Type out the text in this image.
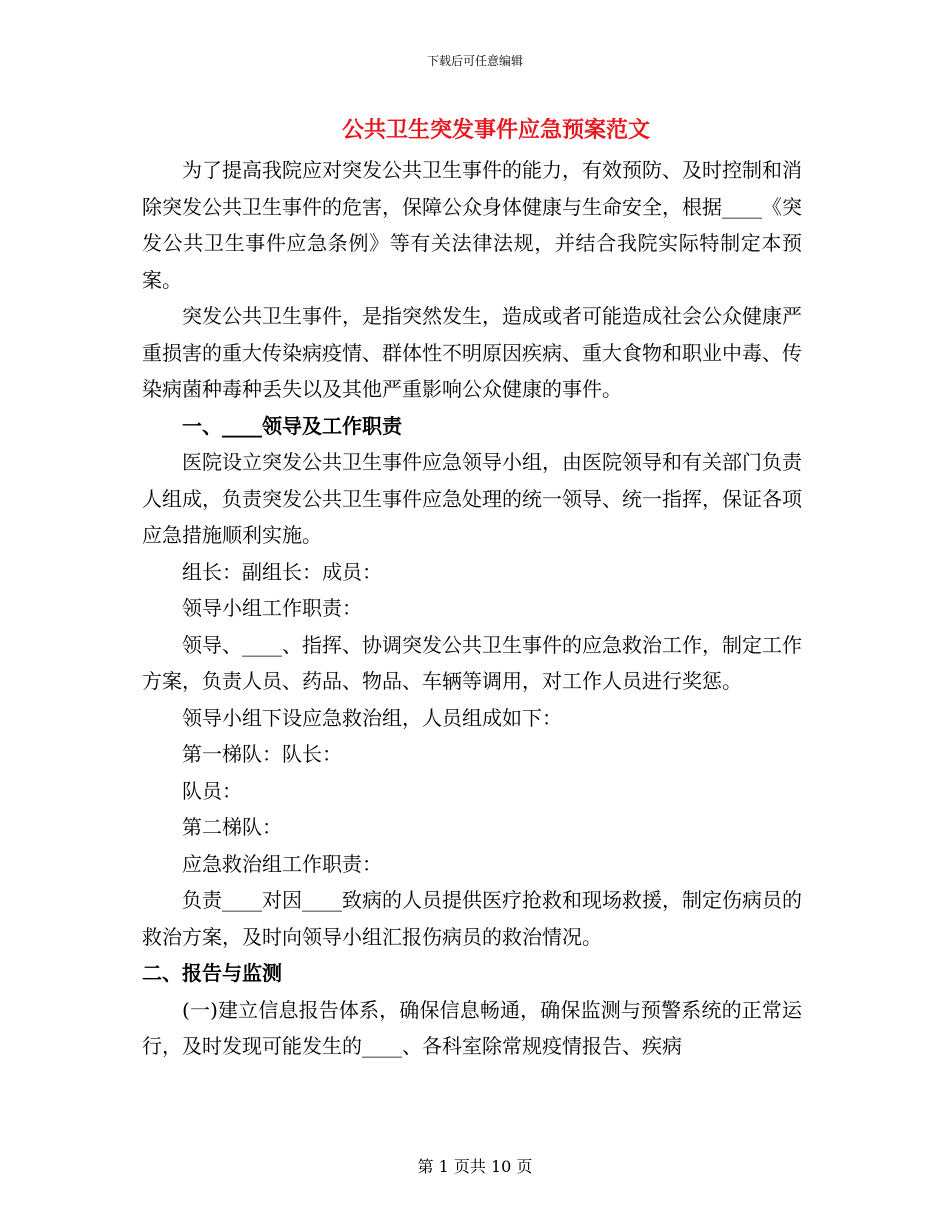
下载后可任意编辑
公共卫生突发事件应急预案范文

为了提高我院应对突发公共卫生事件的能力，有效预防、及时控制和消除突发公共卫生事件的危害，保障公众身体健康与生命安全，根据____《突发公共卫生事件应急条例》等有关法律法规，并结合我院实际特制定本预案。

突发公共卫生事件，是指突然发生，造成或者可能造成社会公众健康严重损害的重大传染病疫情、群体性不明原因疾病、重大食物和职业中毒、传染病菌种毒种丢失以及其他严重影响公众健康的事件。

一、____领导及工作职责

医院设立突发公共卫生事件应急领导小组，由医院领导和有关部门负责人组成，负责突发公共卫生事件应急处理的统一领导、统一指挥，保证各项应急措施顺利实施。

组长：副组长：成员：

领导小组工作职责：

领导、____、指挥、协调突发公共卫生事件的应急救治工作，制定工作方案，负责人员、药品、物品、车辆等调用，对工作人员进行奖惩。

领导小组下设应急救治组，人员组成如下：

第一梯队：队长：

队员：

第二梯队：

应急救治组工作职责：

负责____对因____致病的人员提供医疗抢救和现场救援，制定伤病员的救治方案，及时向领导小组汇报伤病员的救治情况。

二、报告与监测

(一)建立信息报告体系，确保信息畅通，确保监测与预警系统的正常运行，及时发现可能发生的____、各科室除常规疫情报告、疾病

第 1 页共 10 页
